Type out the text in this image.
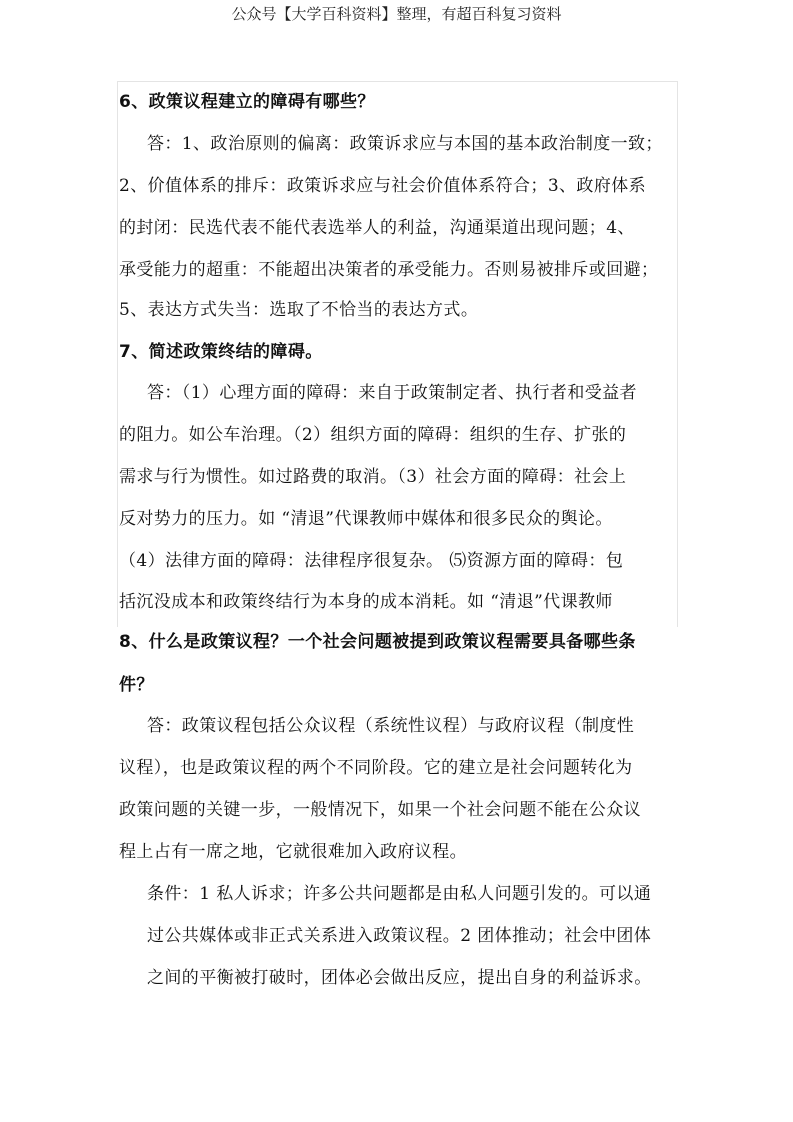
公众号【大学百科资料】整理，有超百科复习资料
6、政策议程建立的障碍有哪些？
答：1、政治原则的偏离：政策诉求应与本国的基本政治制度一致；
2、价值体系的排斥：政策诉求应与社会价值体系符合；3、政府体系
的封闭：民选代表不能代表选举人的利益，沟通渠道出现问题；4、
承受能力的超重：不能超出决策者的承受能力。否则易被排斥或回避；
5、表达方式失当：选取了不恰当的表达方式。
7、简述政策终结的障碍。
答：（1）心理方面的障碍：来自于政策制定者、执行者和受益者
的阻力。如公车治理。（2）组织方面的障碍：组织的生存、扩张的
需求与行为惯性。如过路费的取消。（3）社会方面的障碍：社会上
反对势力的压力。如 “清退”代课教师中媒体和很多民众的舆论。
（4）法律方面的障碍：法律程序很复杂。 ⑸资源方面的障碍：包
括沉没成本和政策终结行为本身的成本消耗。如 “清退”代课教师
8、什么是政策议程？一个社会问题被提到政策议程需要具备哪些条
件？
答：政策议程包括公众议程（系统性议程）与政府议程（制度性
议程），也是政策议程的两个不同阶段。它的建立是社会问题转化为
政策问题的关键一步，一般情况下，如果一个社会问题不能在公众议
程上占有一席之地，它就很难加入政府议程。
条件：1 私人诉求；许多公共问题都是由私人问题引发的。可以通
过公共媒体或非正式关系进入政策议程。2 团体推动；社会中团体
之间的平衡被打破时，团体必会做出反应，提出自身的利益诉求。
